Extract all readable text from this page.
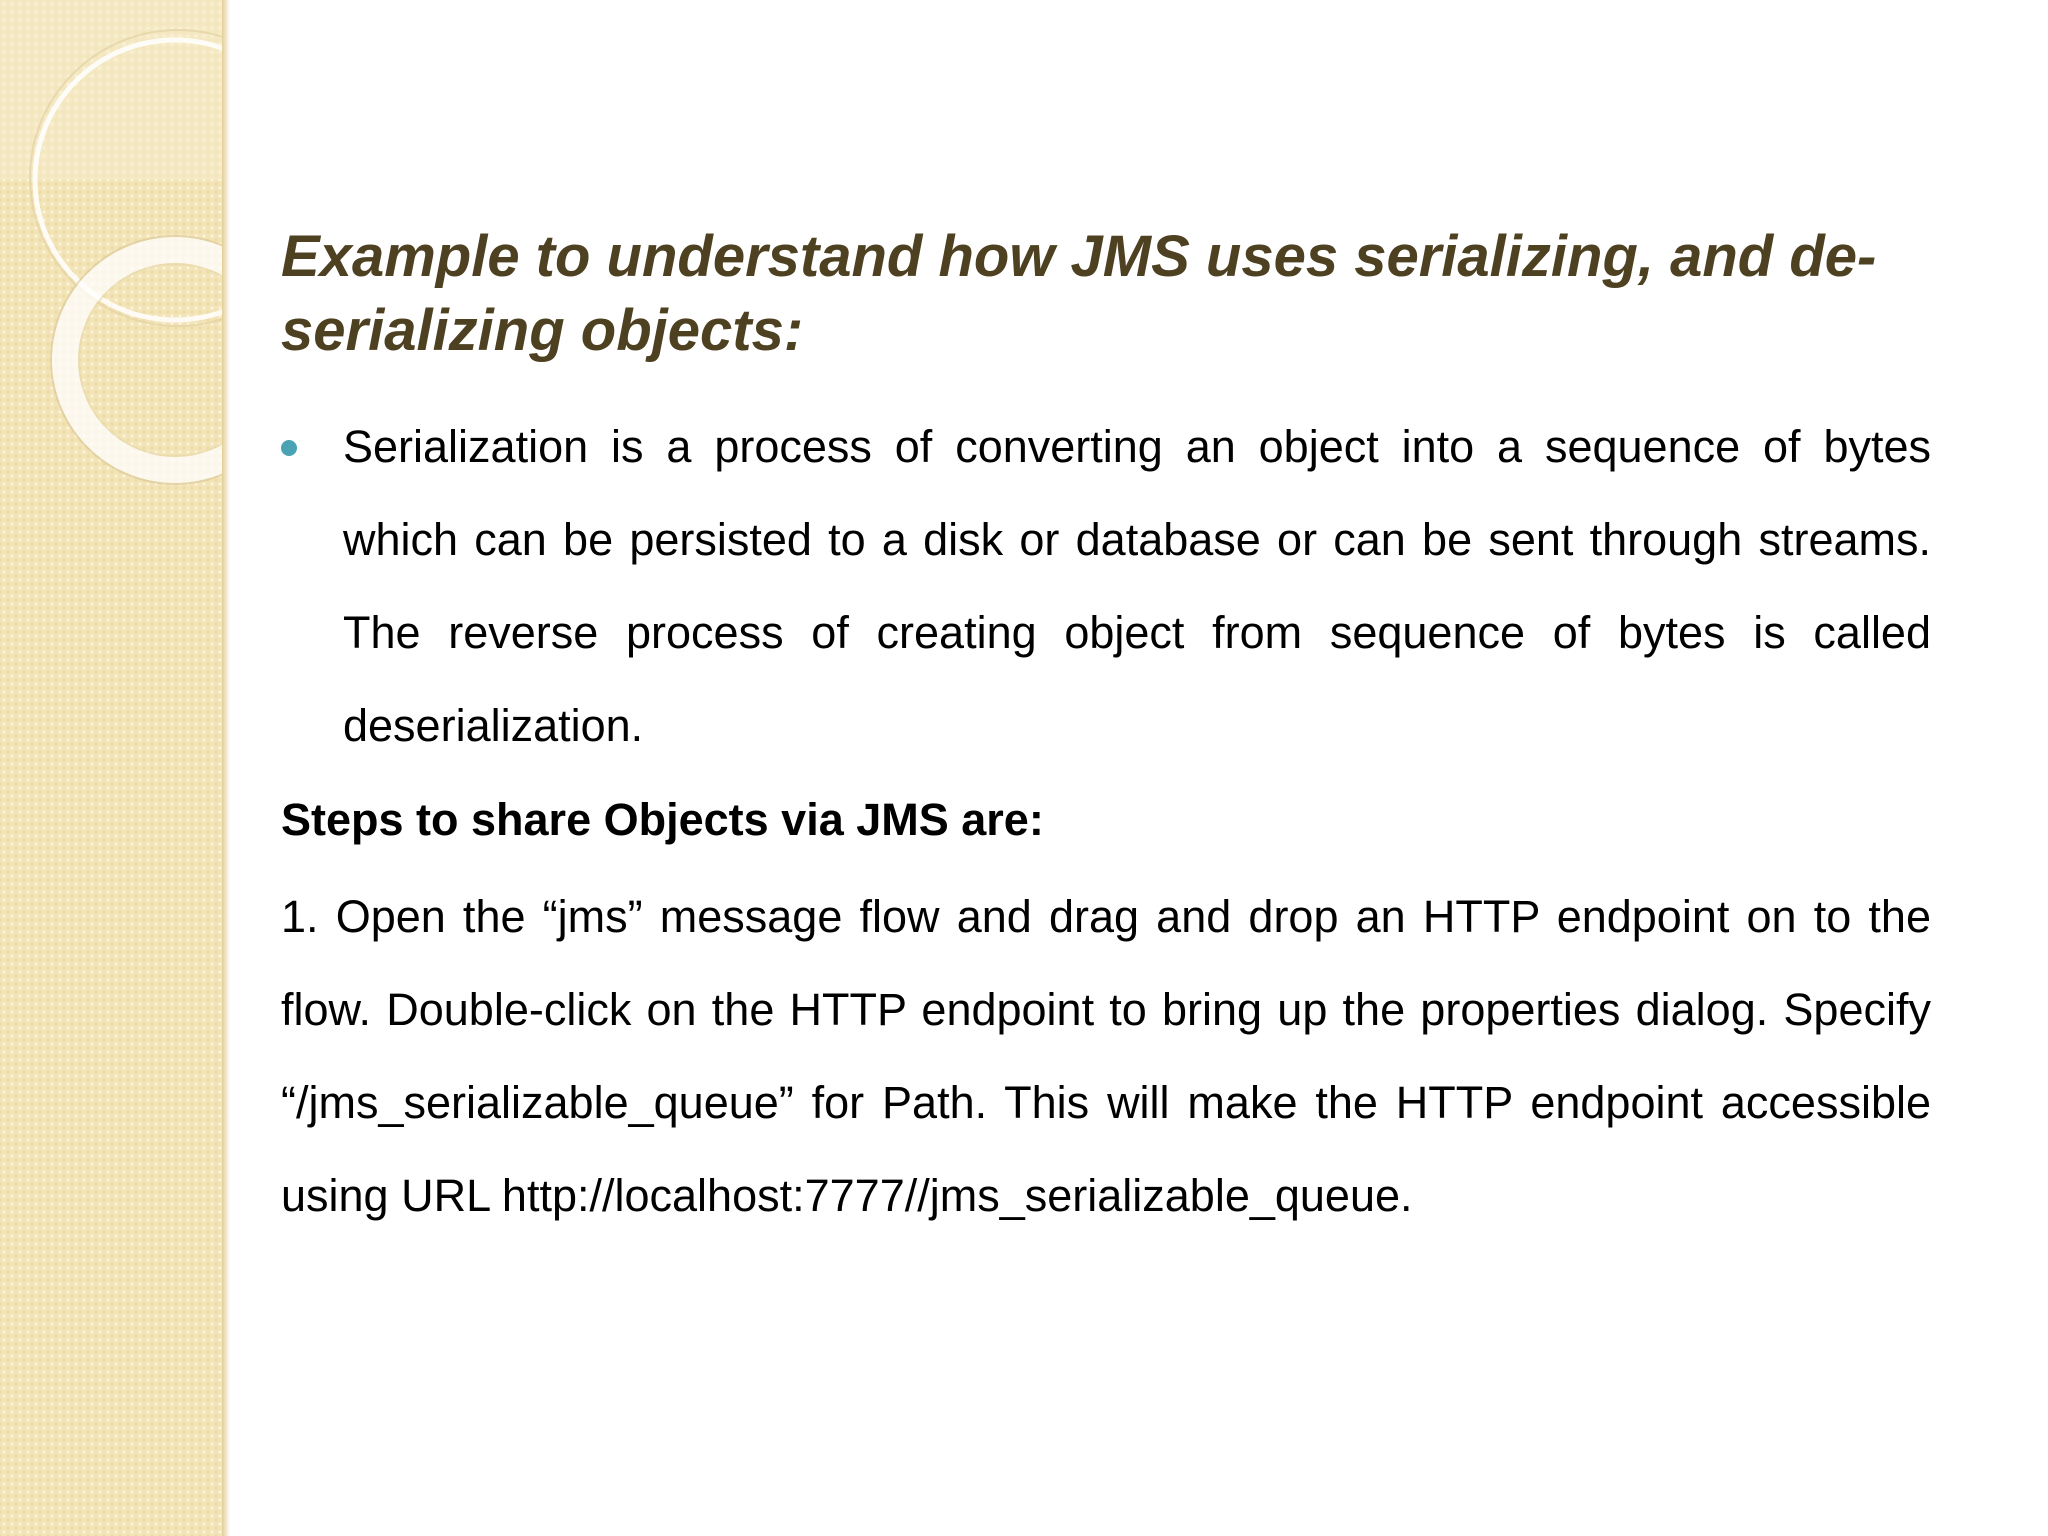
Example to understand how JMS uses serializing, and de-serializing objects:

Serialization is a process of converting an object into a sequence of bytes which can be persisted to a disk or database or can be sent through streams. The reverse process of creating object from sequence of bytes is called deserialization.

Steps to share Objects via JMS are:

1. Open the “jms” message flow and drag and drop an HTTP endpoint on to the flow. Double-click on the HTTP endpoint to bring up the properties dialog. Specify “/jms_serializable_queue” for Path. This will make the HTTP endpoint accessible using URL http://localhost:7777//jms_serializable_queue.
